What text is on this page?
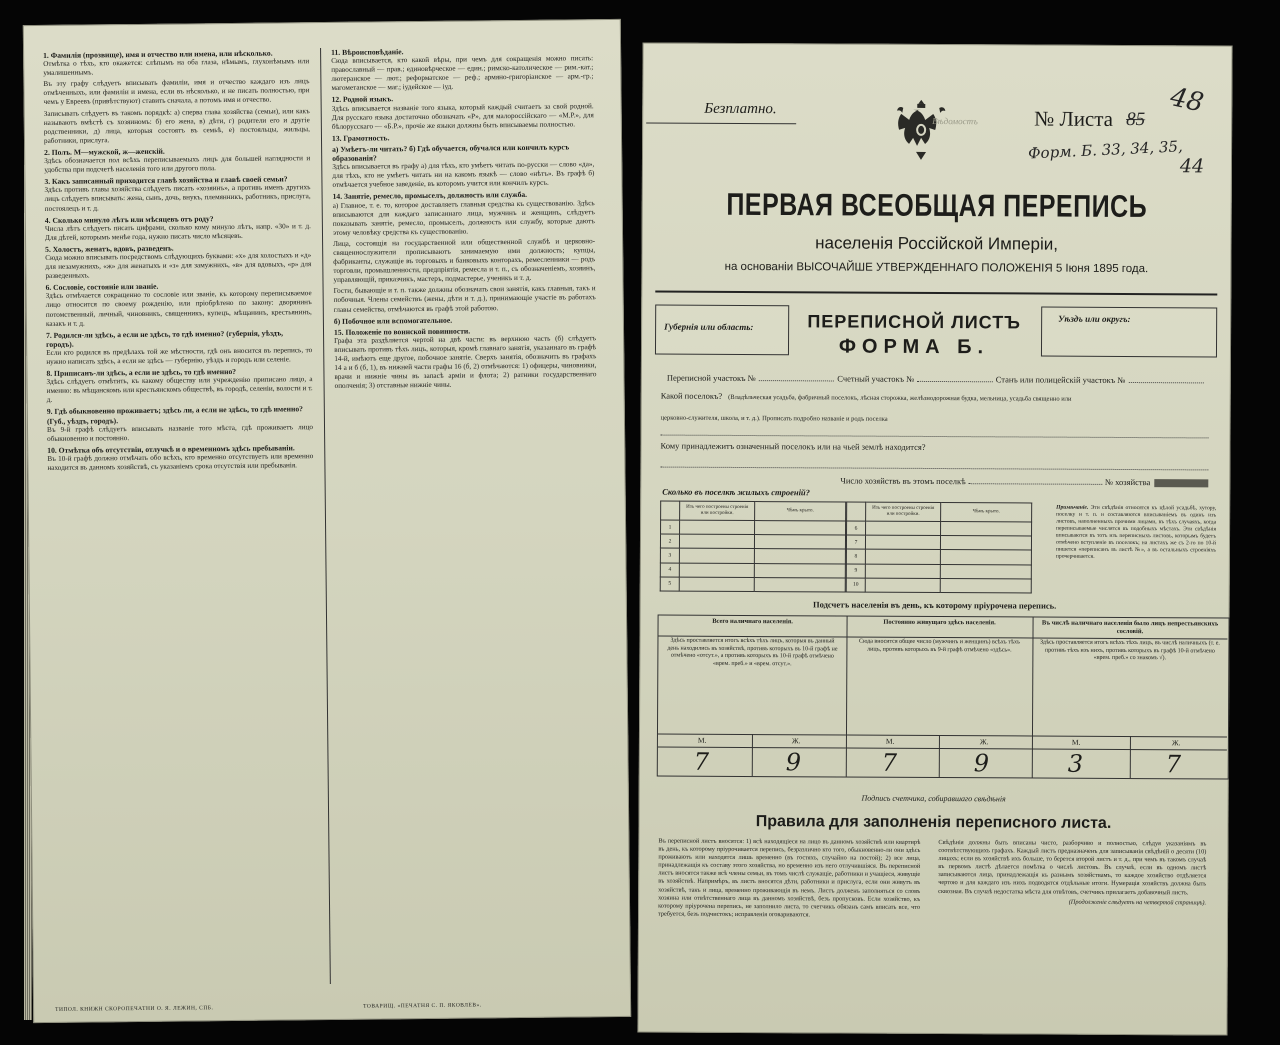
1. Фамилія (прозвище), имя и отчество или имена, или нѣсколько.
Отмѣтка о тѣхъ, кто окажется: слѣпымъ на оба глаза, нѣмымъ, глухонѣмымъ или умалишеннымъ.
Въ эту графу слѣдуетъ вписывать фамиліи, имя и отчество каждаго изъ лицъ отмѣченныхъ, или фамиліи и имена, если въ нѣсколько, и не писать полностью, при чемъ у Евреевъ (привѣтствуют) ставить сначала, а потомъ имя и отчество.
Записывать слѣдуетъ въ такомъ порядкѣ: а) сперва глава хозяйства (семьи), или какъ называютъ вмѣстѣ съ хозяиномъ: б) его жена, в) дѣти, г) родители его и другіе родственники, д) лица, которыя состоятъ въ семьѣ, е) постояльцы, жильцы, работники, прислуга.
2. Полъ. М—мужской, ж—женскій.
Здѣсь обозначается пол всѣхъ переписываемыхъ лицъ для большей наглядности и удобства при подсчетѣ населенія того или другого пола.
3. Какъ записанный приходится главѣ хозяйства и главѣ своей семьи?
Здѣсь противъ главы хозяйства слѣдуетъ писать «хозяинъ», а противъ именъ другихъ лицъ слѣдуетъ вписывать: жена, сынъ, дочь, внукъ, племянникъ, работникъ, прислуга, постоялецъ и т. д.
4. Сколько минуло лѣтъ или мѣсяцевъ отъ роду?
Числа лѣтъ слѣдуетъ писать цифрами, сколько кому минуло лѣтъ, напр. «30» и т. д. Для дѣтей, которымъ менѣе года, нужно писать число мѣсяцевъ.
5. Холостъ, женатъ, вдовъ, разведенъ.
Сюда можно вписывать посредствомъ слѣдующихъ буквами: «х» для холостыхъ и «д» для незамужнихъ, «ж» для женатыхъ и «з» для замужнихъ, «в» для вдовыхъ, «р» для разведенныхъ.
6. Сословіе, состояніе или званіе.
Здѣсь отмѣчается сокращенно то сословіе или званіе, къ которому переписываемое лицо относится по своему рожденію, или пріобрѣтено по закону: дворянинъ потомственный, личный, чиновникъ, священникъ, купецъ, мѣщанинъ, крестьянинъ, казакъ и т. д.
7. Родился-ли здѣсь, а если не здѣсь, то гдѣ именно? (губернія, уѣздъ, городъ).
Если кто родился въ предѣлахъ той же мѣстности, гдѣ онъ вносится въ перепись, то нужно написать здѣсь, а если не здѣсь — губернію, уѣздъ и городъ или селеніе.
8. Приписанъ-ли здѣсь, а если не здѣсь, то гдѣ именно?
Здѣсь слѣдуетъ отмѣтить, къ какому обществу или учрежденію приписано лицо, а именно: въ мѣщанскомъ или крестьянскомъ обществѣ, въ городѣ, селеніи, волости и т. д.
9. Гдѣ обыкновенно проживаетъ; здѣсь ли, а если не здѣсь, то гдѣ именно? (Губ., уѣздъ, городъ).
Въ 9-й графѣ слѣдуетъ вписывать названіе того мѣста, гдѣ проживаетъ лицо обыкновенно и постоянно.
10. Отмѣтка объ отсутствіи, отлучкѣ и о временномъ здѣсь пребываніи.
Въ 10-й графѣ должно отмѣчать обо всѣхъ, кто временно отсутствуетъ или временно находится въ данномъ хозяйствѣ, съ указаніемъ срока отсутствія или пребыванія.
11. Вѣроисповѣданіе.
Сюда вписывается, кто какой вѣры, при чемъ для сокращенія можно писать: православный — прав.; единовѣрческое — един.; римско-католическое — рим.-кат.; лютеранское — лют.; реформатское — реф.; армяно-григоріанское — арм.-гр.; магометанское — маг.; іудейское — іуд.
12. Родной языкъ.
Здѣсь вписывается названіе того языка, который каждый считаетъ за свой родной. Для русскаго языка достаточно обозначать «Р», для малороссійскаго — «М.Р.», для бѣлорусскаго — «Б.Р.», прочіе же языки должны быть вписываемы полностью.
13. Грамотность.
а) Умѣетъ-ли читать? б) Гдѣ обучается, обучался или кончилъ курсъ образованія?
Здѣсь вписывается въ графу а) для тѣхъ, кто умѣетъ читать по-русски — слово «да», для тѣхъ, кто не умѣетъ читать ни на какомъ языкѣ — слово «нѣтъ». Въ графѣ б) отмѣчается учебное заведеніе, въ которомъ учится или кончилъ курсъ.
14. Занятіе, ремесло, промыселъ, должность или служба.
а) Главное, т. е. то, которое доставляетъ главныя средства къ существованію. Здѣсь вписываются для каждаго записаннаго лица, мужчинъ и женщинъ, слѣдуетъ показывать занятіе, ремесло, промыселъ, должность или службу, которые даютъ этому человѣку средства къ существованію.
Лица, состоящія на государственной или общественной службѣ и церковно-священнослужители прописываютъ занимаемую ими должность; купцы, фабриканты, служащіе въ торговыхъ и банковыхъ конторахъ, ремесленники — родъ торговли, промышленности, предпріятія, ремесла и т. п., съ обозначеніемъ, хозяинъ, управляющій, приказчикъ, мастеръ, подмастерье, ученикъ и т. д.
Гости, бывающіе и т. п. также должны обозначать свои занятія, какъ главныя, такъ и побочныя. Члены семействъ (жены, дѣти и т. д.), принимающіе участіе въ работахъ главы семейства, отмѣчаются въ графѣ этой работою.
б) Побочное или вспомогательное.
15. Положеніе по воинской повинности.
Графа эта раздѣляется чертой на двѣ части: въ верхнюю часть (б) слѣдуетъ вписывать противъ тѣхъ лицъ, которыя, кромѣ главнаго занятія, указаннаго въ графѣ 14-й, имѣютъ еще другое, побочное занятіе. Сверхъ занятія, обозначить въ графахъ 14 а и б (б, 1), въ нижней части графы 16 (б, 2) отмѣчаются: 1) офицеры, чиновники, врачи и нижніе чины въ запасѣ армiи и флота; 2) ратники государственнаго ополченія; 3) отставные нижніе чины.
ТИПОЛ. КНИЖН СКОРОПЕЧАТНИ О. Я. ЛЕЖИН, СПБ.	ТОВАРИЩ. «ПЕЧАТНЯ С. П. ЯКОВЛЕВ».
Безплатно.
Вѣдомостъ	№ Листа 85
48
44
Форм. Б. 33, 34, 35,
ПЕРВАЯ ВСЕОБЩАЯ ПЕРЕПИСЬ
населенія Россійской Имперіи,
на основаніи ВЫСОЧАЙШЕ УТВЕРЖДЕННАГО ПОЛОЖЕНІЯ 5 Іюня 1895 года.
Губернія или область:	ПЕРЕПИСНОЙ ЛИСТЪ
ФОРМА Б.
Уѣздъ или округъ:
Переписной участокъ №	Счетный участокъ №	Станъ или полицейскій участокъ №
Какой поселокъ? (Владѣльческая усадьба, фабричный поселокъ, лѣсная сторожка, желѣзнодорожная будка, мельница, усадьба священно или
церковно-служителя, школа, и т. д.). Прописать подробно названіе и родъ поселка
Кому принадлежитъ означенный поселокъ или на чьей землѣ находится?
Число хозяйствъ въ этомъ поселкѣ	№ хозяйства
Сколько въ поселкѣ жилыхъ строеній?
	Изъ чего построены строенія или постройки.	Чѣмъ крыто.
1		
2		
3		
4		
5		
	Изъ чего построены строенія или постройки.	Чѣмъ крыто.
6		
7		
8		
9		
10		
Примѣчаніе. Эти свѣдѣнія относятся къ цѣлой усадьбѣ, хутору, поселку и т. п. и составляются вписываніемъ въ одинъ изъ листовъ, наполненныхъ прочими лицами, въ тѣхъ случаяхъ, когда переписываемые числятся въ подобныхъ мѣстахъ. Эти свѣдѣнія вписываются въ тотъ изъ переписныхъ листовъ, которымъ будетъ отмѣчено вступленіе въ поселокъ; на листахъ же съ 2-го по 10-й пишется «переписанъ въ листѣ №», а въ остальныхъ строеніяхъ прочерчивается.
Подсчетъ населенія въ день, къ которому пріурочена перепись.
Всего наличнаго населенія.
Здѣсь проставляется итогъ всѣхъ тѣхъ лицъ, которыя въ данный день находились въ хозяйствѣ, противъ которыхъ въ 10-й графѣ не отмѣчено «отсут.», а противъ которыхъ въ 10-й графѣ отмѣчено «врем. преб.» и «врем. отсут.».
М.	Ж.
7	9
Постоянно живущаго здѣсь населенія.
Сюда вносится общее число (мужчинъ и женщинъ) всѣхъ тѣхъ лицъ, противъ которыхъ въ 9-й графѣ отмѣчено «здѣсь».
М.	Ж.
7	9
Въ числѣ наличнаго населенія было лицъ непрестьянскихъ сословій.
Здѣсь проставляется итогъ всѣхъ тѣхъ лицъ, въ числѣ наличныхъ (т. е. противъ тѣхъ изъ нихъ, противъ которыхъ въ графѣ 10-й отмѣчено «врем. преб.» со знакомъ √).
М.	Ж.
3	7
Подпись счетчика, собиравшаго свѣдѣнія
Правила для заполненія переписного листа.
Въ переписной листъ вносятся: 1) всѣ находящіеся на лицо въ данномъ хозяйствѣ или квартирѣ въ день, къ которому пріурочивается перепись, безразлично кто того, обыкновенно-ли они здѣсь проживаютъ или находятся лишь временно (въ гостяхъ, случайно на постой); 2) все лица, принадлежащія къ составу этого хозяйства, но временно изъ него отлучившіяся. Въ переписной листъ вносятся также всѣ члены семьи, въ томъ числѣ служащіе, работники и учащіеся, живущіе въ хозяйствѣ. Напримѣръ, въ листъ вносятся дѣти, работники и прислуга, если они живутъ въ хозяйствѣ, такъ и лица, временно проживающія въ немъ. Листъ долженъ заполняться со словъ хозяина или отвѣтственнаго лица въ данномъ хозяйствѣ, безъ пропусковъ. Если хозяйство, къ которому пріурочена перепись, не заполнило листа, то счетчикъ обязанъ самъ вписать все, что требуется, безъ подчистокъ; исправленія оговариваются.
Свѣдѣнія должны быть вписаны чисто, разборчиво и полностью, слѣдуя указаніямъ въ соотвѣтствующихъ графахъ. Каждый листъ предназначенъ для записыванія свѣдѣній о десяти (10) лицахъ; если въ хозяйствѣ ихъ больше, то берется второй листъ и т. д., при чемъ въ такомъ случаѣ въ первомъ листѣ дѣлается помѣтка о числѣ листовъ. Въ случаѣ, если въ одномъ листѣ записываются лица, принадлежащія къ разнымъ хозяйствамъ, то каждое хозяйство отдѣляется чертою и для каждаго изъ нихъ подводятся отдѣльные итоги. Нумерація хозяйствъ должна быть сквозная. Въ случаѣ недостатка мѣста для отвѣтовъ, счетчикъ прилагаетъ добавочный листъ.
(Продолженіе слѣдуетъ на четвертой страницѣ).
